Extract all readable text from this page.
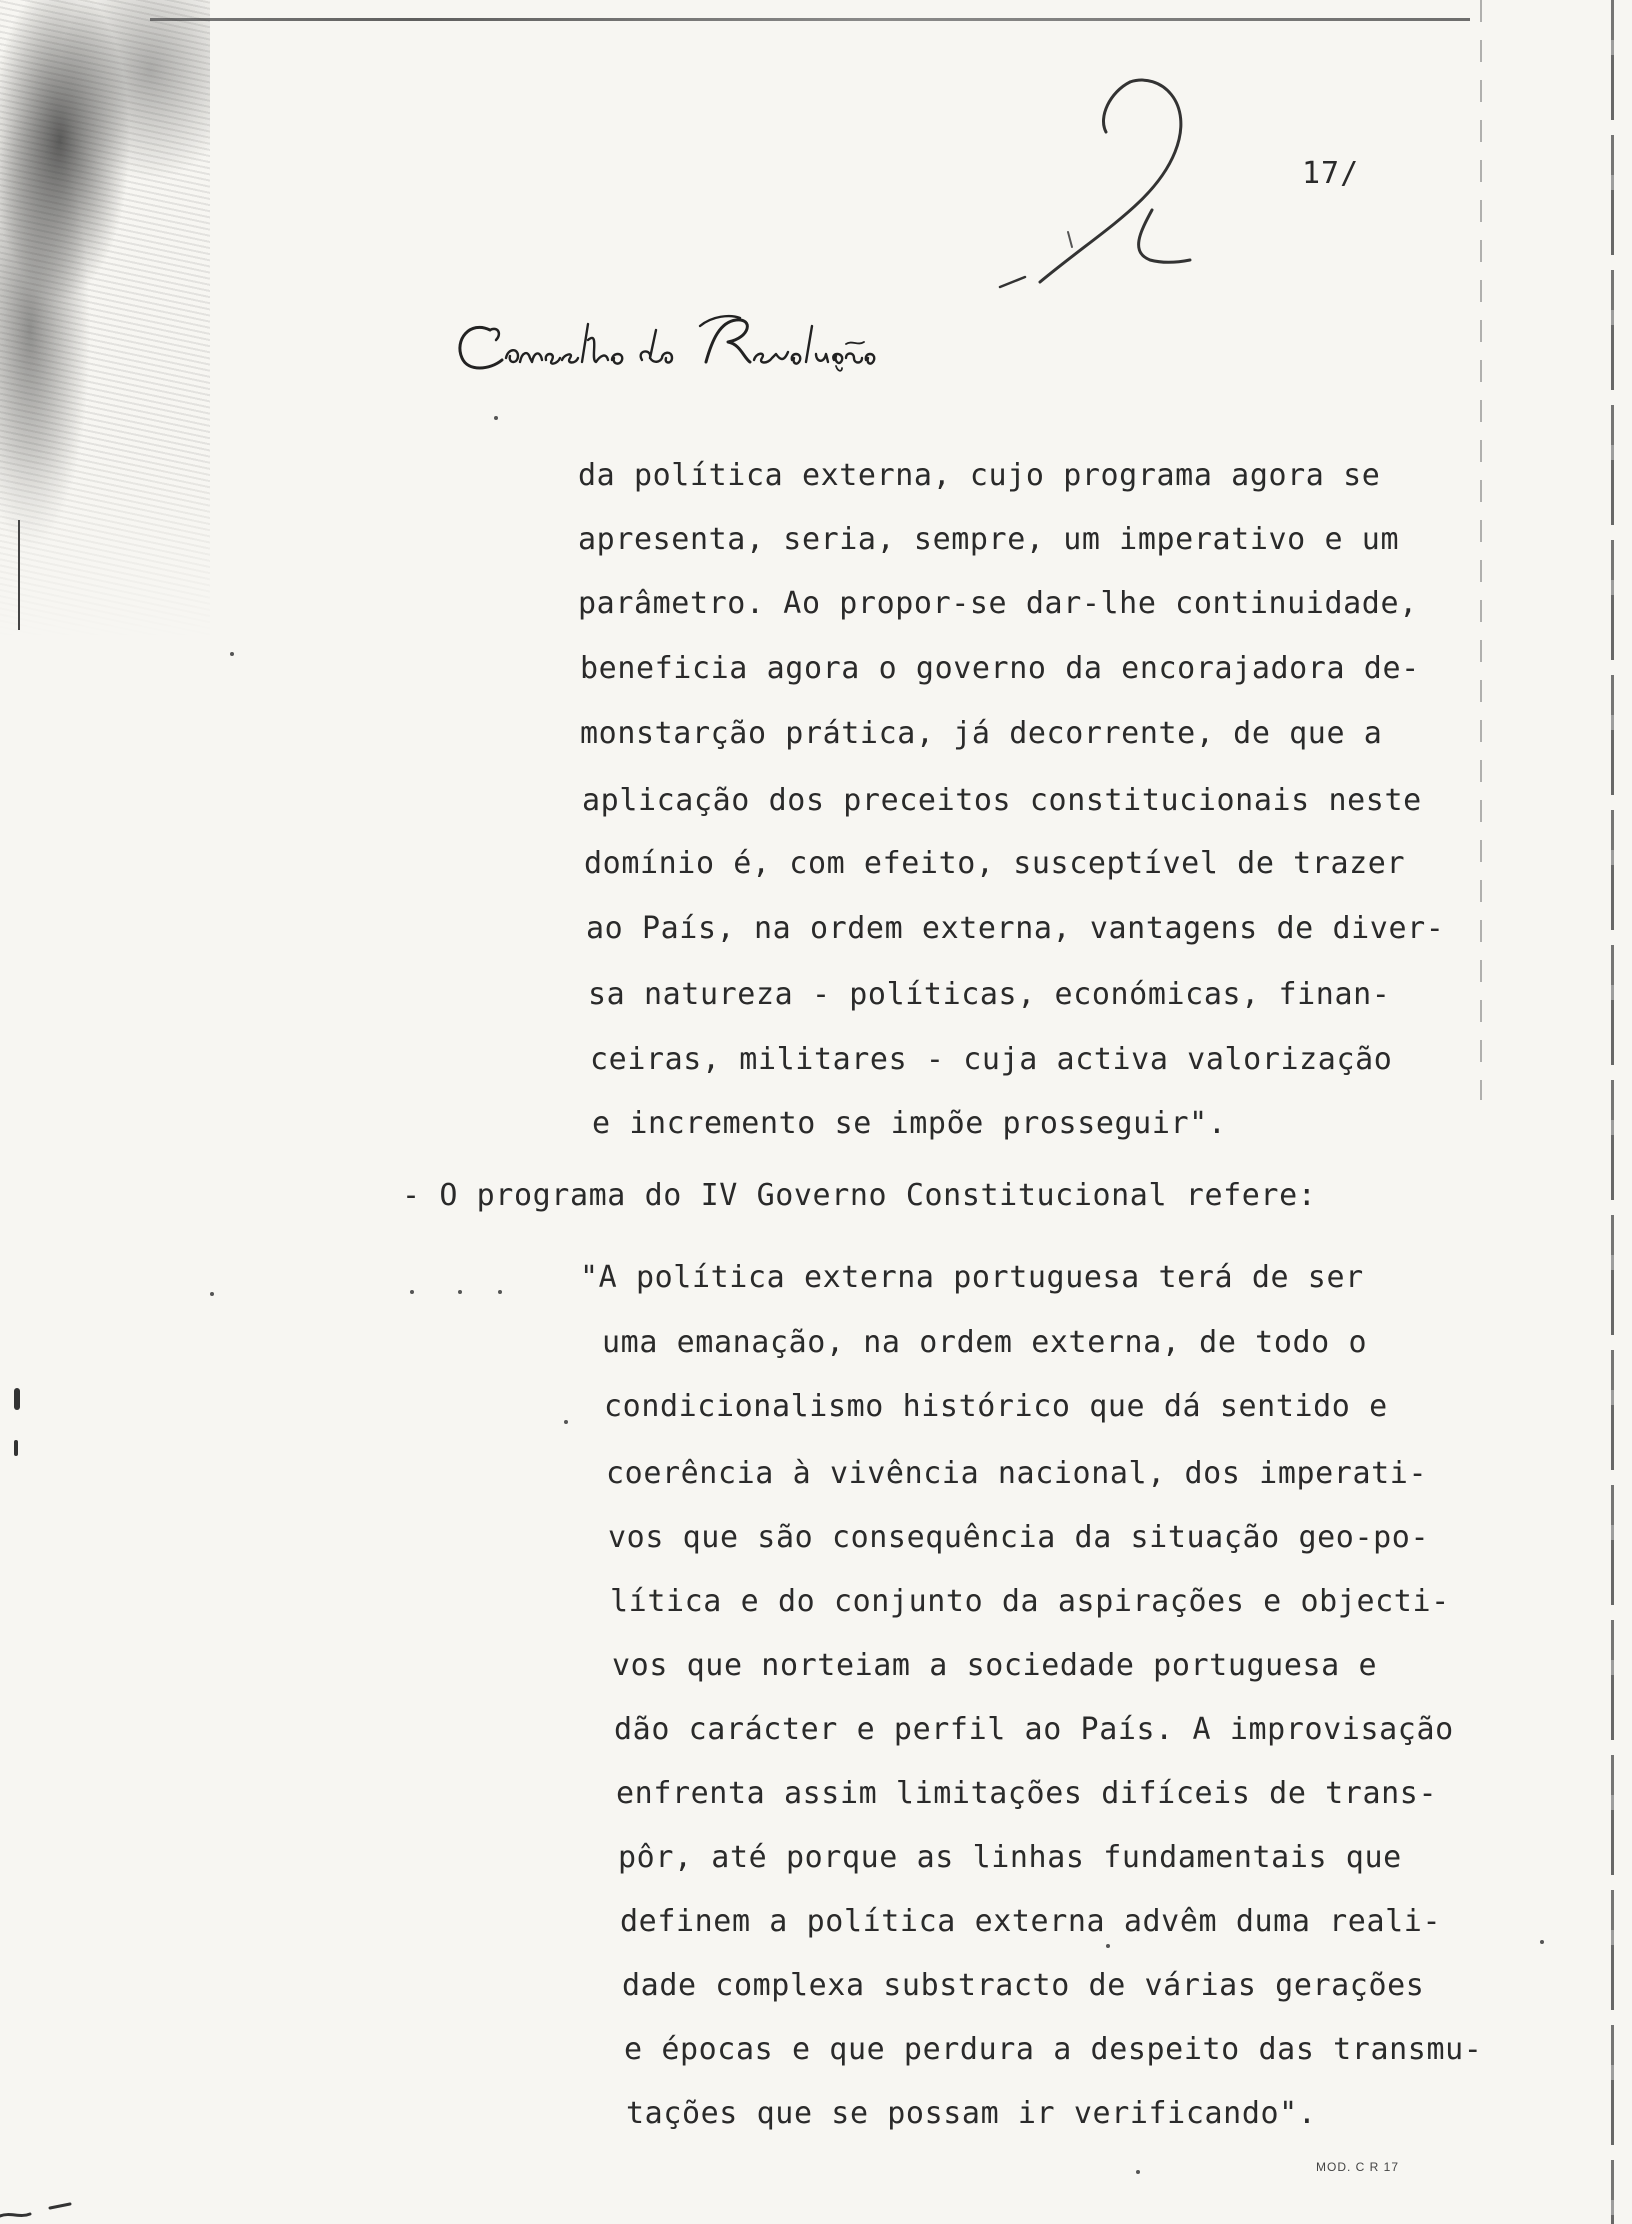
17/
da política externa, cujo programa agora se
apresenta, seria, sempre, um imperativo e um
parâmetro. Ao propor-se dar-lhe continuidade,
beneficia agora o governo da encorajadora de-
monstarção prática, já decorrente, de que a
aplicação dos preceitos constitucionais neste
domínio é, com efeito, susceptível de trazer
ao País, na ordem externa, vantagens de diver-
sa natureza - políticas, económicas, finan-
ceiras, militares - cuja activa valorização
e incremento se impõe prosseguir".
- O programa do IV Governo Constitucional refere:
"A política externa portuguesa terá de ser
uma emanação, na ordem externa, de todo o
condicionalismo histórico que dá sentido e
coerência à vivência nacional, dos imperati-
vos que são consequência da situação geo-po-
lítica e do conjunto da aspirações e objecti-
vos que norteiam a sociedade portuguesa e
dão carácter e perfil ao País. A improvisação
enfrenta assim limitações difíceis de trans-
pôr, até porque as linhas fundamentais que
definem a política externa advêm duma reali-
dade complexa substracto de várias gerações
e épocas e que perdura a despeito das transmu-
tações que se possam ir verificando".
MOD. C R 17
